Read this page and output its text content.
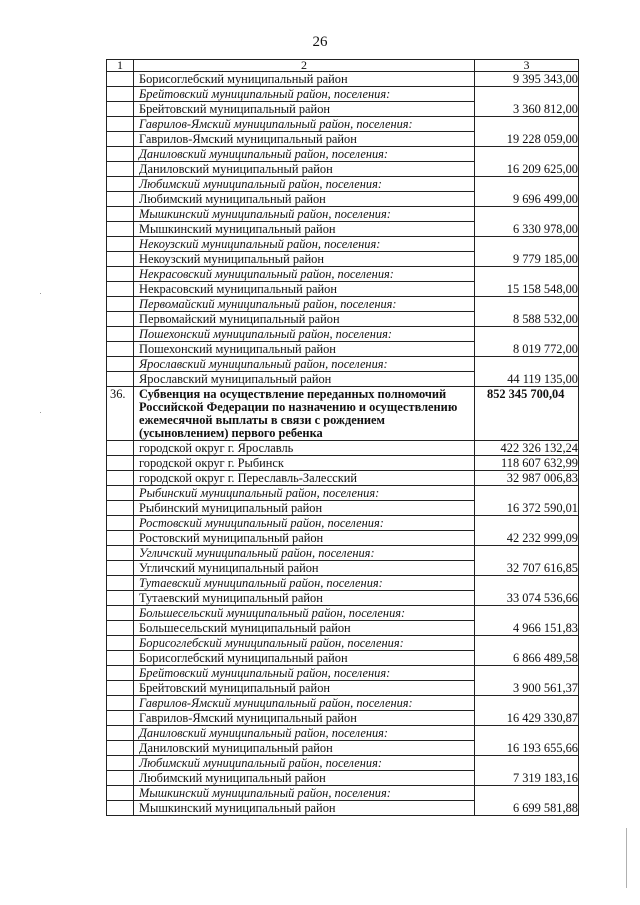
26
1	2	3
	Борисоглебский муниципальный район	9 395 343,00
	Брейтовский муниципальный район, поселения:	
	Брейтовский муниципальный район	3 360 812,00
	Гаврилов-Ямский муниципальный район, поселения:	
	Гаврилов-Ямский муниципальный район	19 228 059,00
	Даниловский муниципальный район, поселения:	
	Даниловский муниципальный район	16 209 625,00
	Любимский муниципальный район, поселения:	
	Любимский муниципальный район	9 696 499,00
	Мышкинский муниципальный район, поселения:	
	Мышкинский муниципальный район	6 330 978,00
	Некоузский муниципальный район, поселения:	
	Некоузский муниципальный район	9 779 185,00
	Некрасовский муниципальный район, поселения:	
	Некрасовский муниципальный район	15 158 548,00
	Первомайский муниципальный район, поселения:	
	Первомайский муниципальный район	8 588 532,00
	Пошехонский муниципальный район, поселения:	
	Пошехонский муниципальный район	8 019 772,00
	Ярославский муниципальный район, поселения:	
	Ярославский муниципальный район	44 119 135,00
36.	Субвенция на осуществление переданных полномочий Российской Федерации по назначению и осуществлению ежемесячной выплаты в связи с рождением (усыновлением) первого ребенка	852 345 700,04
	городской округ г. Ярославль	422 326 132,24
	городской округ г. Рыбинск	118 607 632,99
	городской округ г. Переславль-Залесский	32 987 006,83
	Рыбинский муниципальный район, поселения:	
	Рыбинский муниципальный район	16 372 590,01
	Ростовский муниципальный район, поселения:	
	Ростовский муниципальный район	42 232 999,09
	Угличский муниципальный район, поселения:	
	Угличский муниципальный район	32 707 616,85
	Тутаевский муниципальный район, поселения:	
	Тутаевский муниципальный район	33 074 536,66
	Большесельский муниципальный район, поселения:	
	Большесельский муниципальный район	4 966 151,83
	Борисоглебский муниципальный район, поселения:	
	Борисоглебский муниципальный район	6 866 489,58
	Брейтовский муниципальный район, поселения:	
	Брейтовский муниципальный район	3 900 561,37
	Гаврилов-Ямский муниципальный район, поселения:	
	Гаврилов-Ямский муниципальный район	16 429 330,87
	Даниловский муниципальный район, поселения:	
	Даниловский муниципальный район	16 193 655,66
	Любимский муниципальный район, поселения:	
	Любимский муниципальный район	7 319 183,16
	Мышкинский муниципальный район, поселения:	
	Мышкинский муниципальный район	6 699 581,88
